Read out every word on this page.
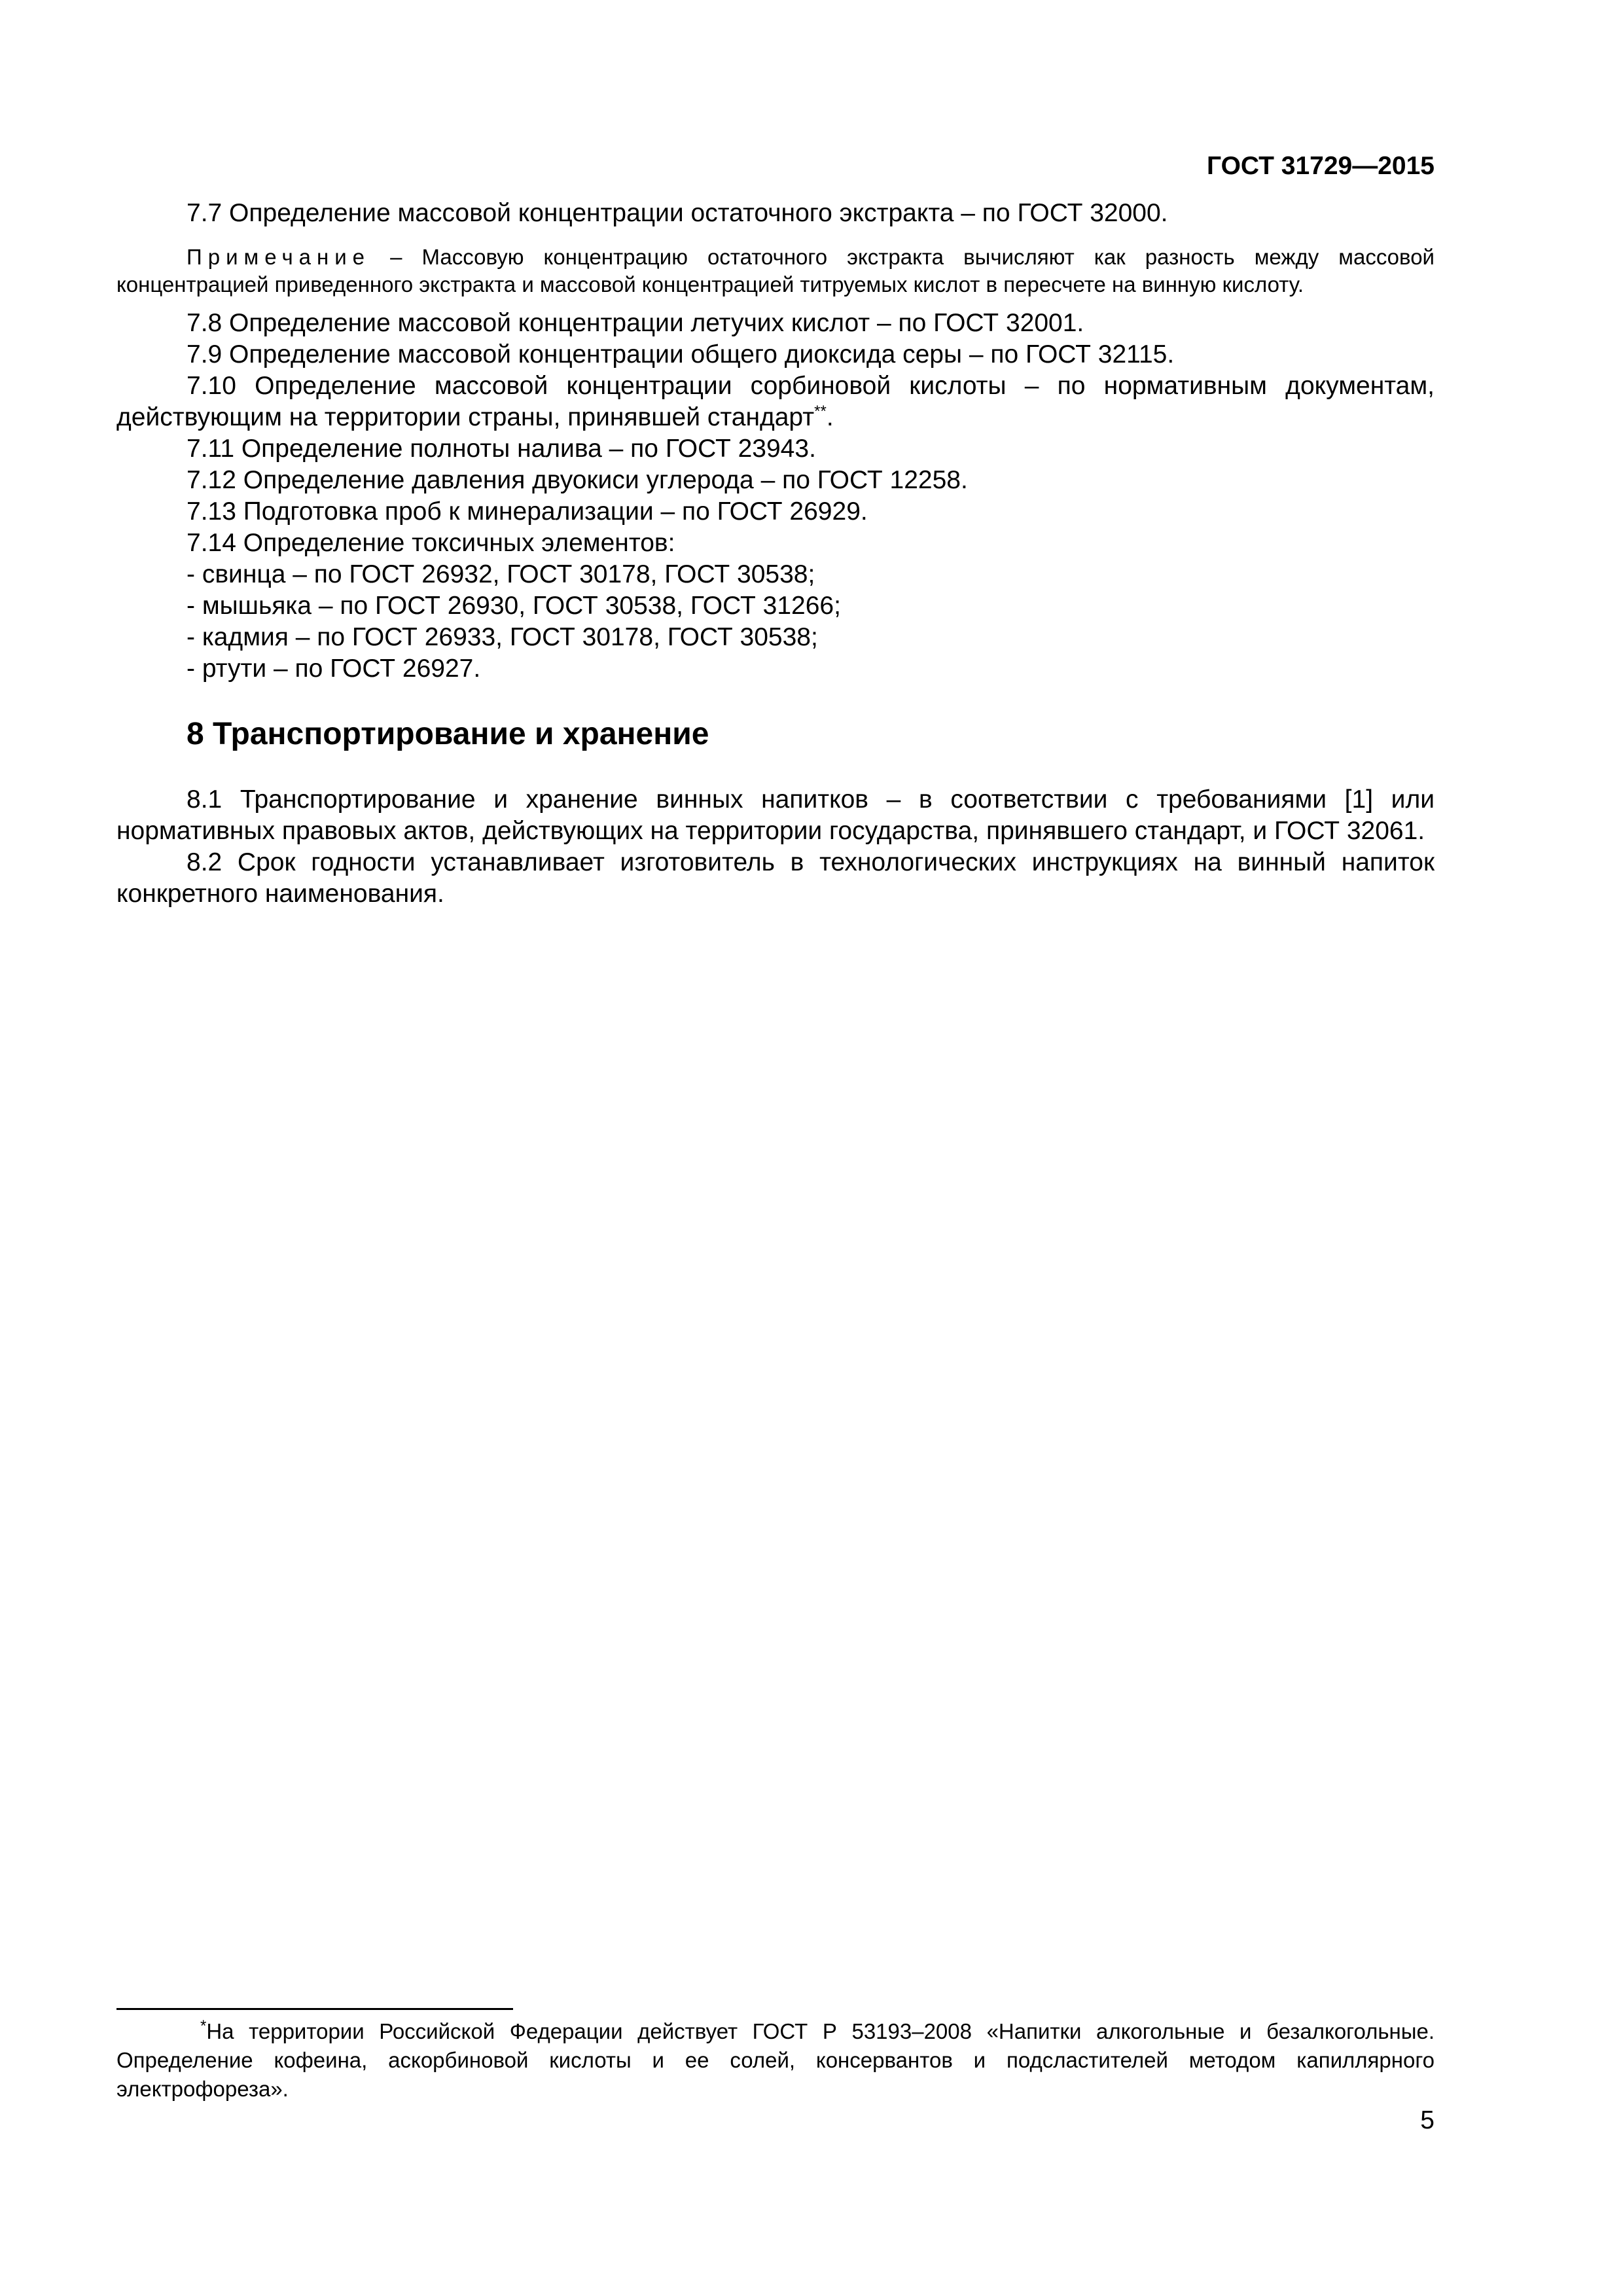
ГОСТ 31729—2015

7.7 Определение массовой концентрации остаточного экстракта – по ГОСТ 32000.

Примечание – Массовую концентрацию остаточного экстракта вычисляют как разность между массовой концентрацией приведенного экстракта и массовой концентрацией титруемых кислот в пересчете на винную кислоту.

7.8 Определение массовой концентрации летучих кислот – по ГОСТ 32001.

7.9 Определение массовой концентрации общего диоксида серы – по ГОСТ 32115.

7.10 Определение массовой концентрации сорбиновой кислоты – по нормативным документам, действующим на территории страны, принявшей стандарт**.

7.11 Определение полноты налива – по ГОСТ 23943.

7.12 Определение давления двуокиси углерода – по ГОСТ 12258.

7.13 Подготовка проб к минерализации – по ГОСТ 26929.

7.14 Определение токсичных элементов:

- свинца – по ГОСТ 26932, ГОСТ 30178, ГОСТ 30538;

- мышьяка – по ГОСТ 26930, ГОСТ 30538, ГОСТ 31266;

- кадмия – по ГОСТ 26933, ГОСТ 30178, ГОСТ 30538;

- ртути – по ГОСТ 26927.

8 Транспортирование и хранение

8.1 Транспортирование и хранение винных напитков – в соответствии с требованиями [1] или нормативных правовых актов, действующих на территории государства, принявшего стандарт, и ГОСТ 32061.

8.2 Срок годности устанавливает изготовитель в технологических инструкциях на винный напиток конкретного наименования.

*На территории Российской Федерации действует ГОСТ Р 53193–2008 «Напитки алкогольные и безалкогольные. Определение кофеина, аскорбиновой кислоты и ее солей, консервантов и подсластителей методом капиллярного электрофореза».
5
